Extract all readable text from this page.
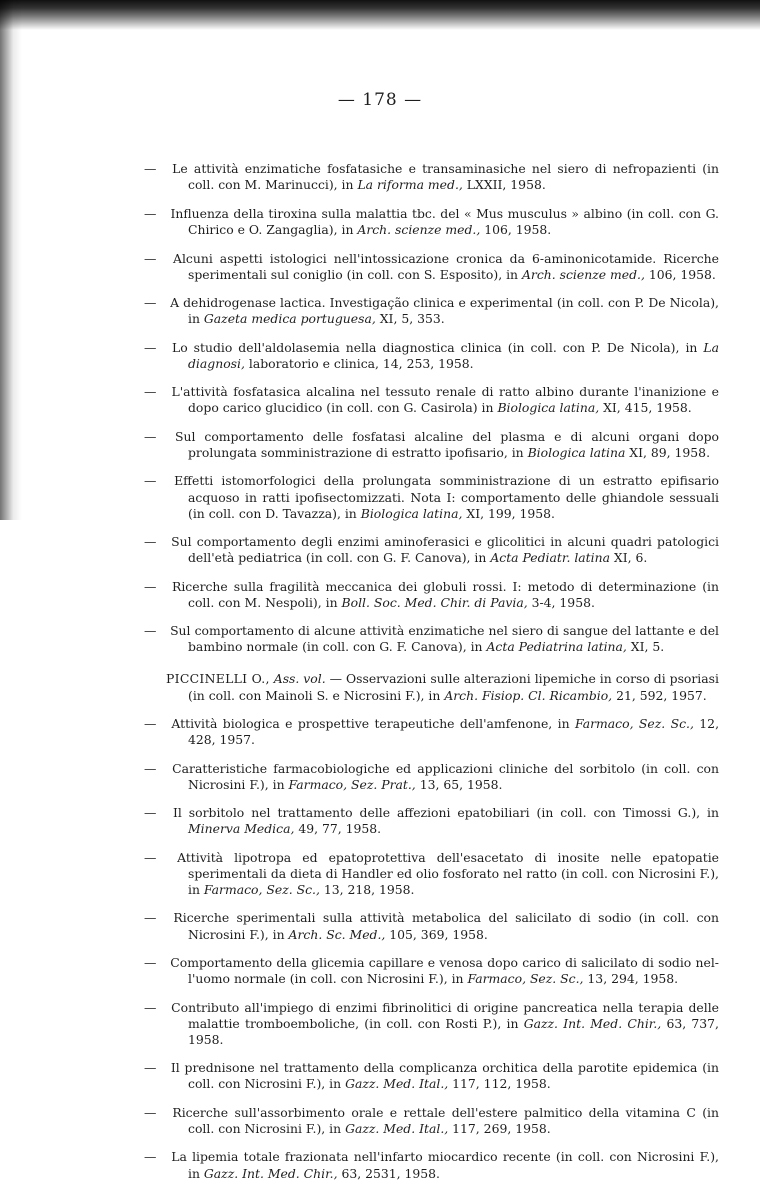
— 178 —

— Le attività enzimatiche fosfatasiche e transaminasiche nel siero di nefropazienti (in coll. con M. Marinucci), in La riforma med., LXXII, 1958.

— Influenza della tiroxina sulla malattia tbc. del « Mus musculus » albino (in coll. con G. Chirico e O. Zangaglia), in Arch. scienze med., 106, 1958.

— Alcuni aspetti istologici nell'intossicazione cronica da 6-aminonicotamide. Ricerche sperimentali sul coniglio (in coll. con S. Esposito), in Arch. scienze med., 106, 1958.

— A dehidrogenase lactica. Investigação clinica e experimental (in coll. con P. De Nicola), in Gazeta medica portuguesa, XI, 5, 353.

— Lo studio dell'aldolasemia nella diagnostica clinica (in coll. con P. De Nicola), in La diagnosi, laboratorio e clinica, 14, 253, 1958.

— L'attività fosfatasica alcalina nel tessuto renale di ratto albino durante l'inanizione e dopo carico glucidico (in coll. con G. Casirola) in Biologica latina, XI, 415, 1958.

— Sul comportamento delle fosfatasi alcaline del plasma e di alcuni organi dopo prolungata somministrazione di estratto ipofisario, in Biologica latina XI, 89, 1958.

— Effetti istomorfologici della prolungata somministrazione di un estratto epifisario acquoso in ratti ipofisectomizzati. Nota I: comportamento delle ghiandole sessuali (in coll. con D. Tavazza), in Biologica latina, XI, 199, 1958.

— Sul comportamento degli enzimi aminoferasici e glicolitici in alcuni quadri patologici dell'età pediatrica (in coll. con G. F. Canova), in Acta Pediatr. latina XI, 6.

— Ricerche sulla fragilità meccanica dei globuli rossi. I: metodo di determinazione (in coll. con M. Nespoli), in Boll. Soc. Med. Chir. di Pavia, 3-4, 1958.

— Sul comportamento di alcune attività enzimatiche nel siero di sangue del lattante e del bambino normale (in coll. con G. F. Canova), in Acta Pediatrina latina, XI, 5.

PICCINELLI O., Ass. vol. — Osservazioni sulle alterazioni lipemiche in corso di psoriasi (in coll. con Mainoli S. e Nicrosini F.), in Arch. Fisiop. Cl. Ricambio, 21, 592, 1957.

— Attività biologica e prospettive terapeutiche dell'amfenone, in Farmaco, Sez. Sc., 12, 428, 1957.

— Caratteristiche farmacobiologiche ed applicazioni cliniche del sorbitolo (in coll. con Nicrosini F.), in Farmaco, Sez. Prat., 13, 65, 1958.

— Il sorbitolo nel trattamento delle affezioni epatobiliari (in coll. con Timossi G.), in Minerva Medica, 49, 77, 1958.

— Attività lipotropa ed epatoprotettiva dell'esacetato di inosite nelle epatopatie sperimentali da dieta di Handler ed olio fosforato nel ratto (in coll. con Nicrosini F.), in Farmaco, Sez. Sc., 13, 218, 1958.

— Ricerche sperimentali sulla attività metabolica del salicilato di sodio (in coll. con Nicrosini F.), in Arch. Sc. Med., 105, 369, 1958.

— Comportamento della glicemia capillare e venosa dopo carico di salicilato di sodio nel-l'uomo normale (in coll. con Nicrosini F.), in Farmaco, Sez. Sc., 13, 294, 1958.

— Contributo all'impiego di enzimi fibrinolitici di origine pancreatica nella terapia delle malattie tromboemboliche, (in coll. con Rosti P.), in Gazz. Int. Med. Chir., 63, 737, 1958.

— Il prednisone nel trattamento della complicanza orchitica della parotite epidemica (in coll. con Nicrosini F.), in Gazz. Med. Ital., 117, 112, 1958.

— Ricerche sull'assorbimento orale e rettale dell'estere palmitico della vitamina C (in coll. con Nicrosini F.), in Gazz. Med. Ital., 117, 269, 1958.

— La lipemia totale frazionata nell'infarto miocardico recente (in coll. con Nicrosini F.), in Gazz. Int. Med. Chir., 63, 2531, 1958.
